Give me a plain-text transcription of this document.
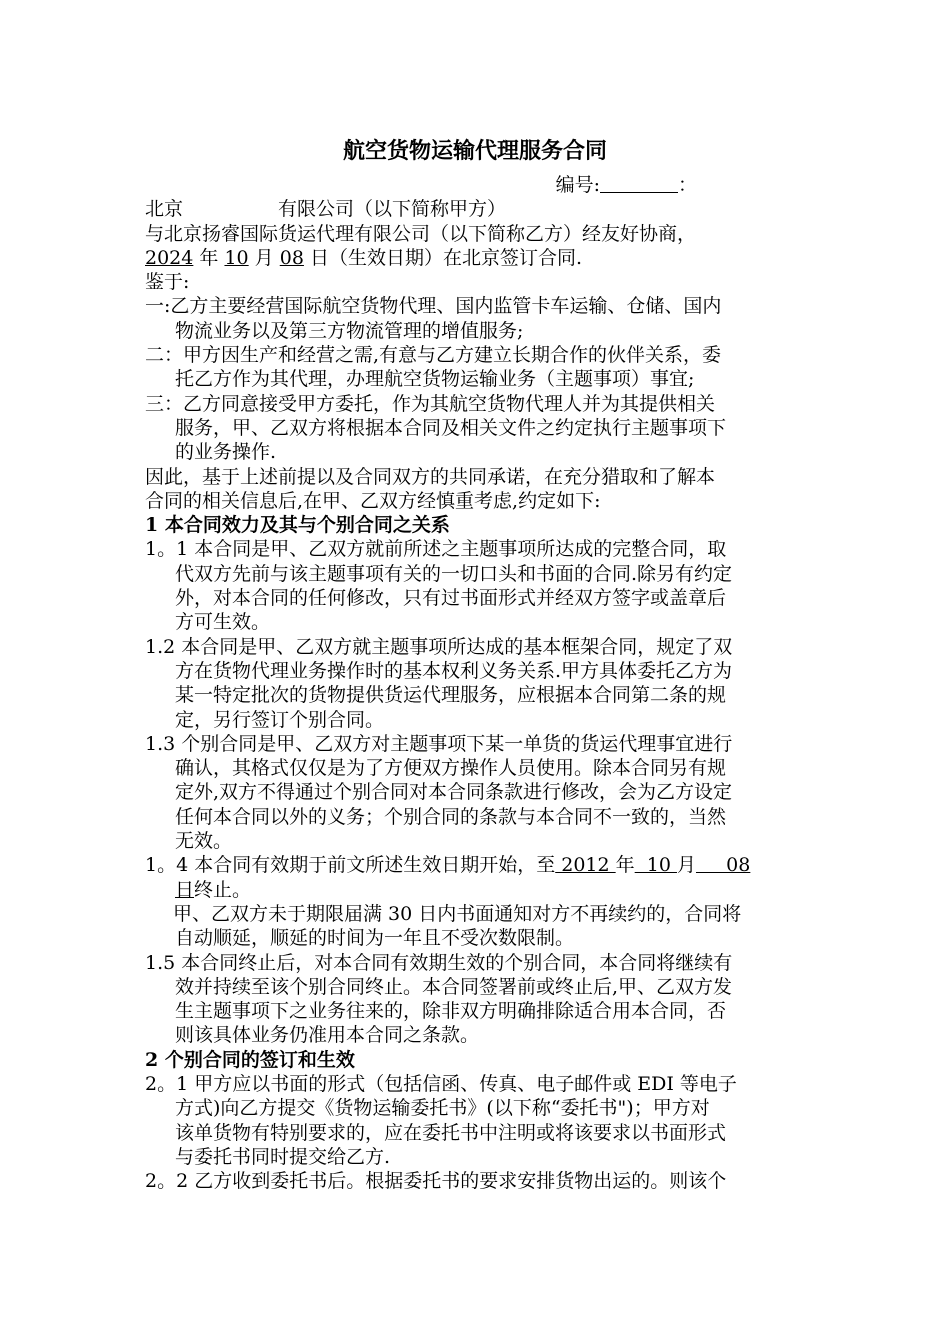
航空货物运输代理服务合同
编号:	：
北京	有限公司（以下简称甲方）
与北京扬睿国际货运代理有限公司（以下简称乙方）经友好协商，
2024 年 10 月 08 日（生效日期）在北京签订合同.
鉴于:
一:乙方主要经营国际航空货物代理、国内监管卡车运输、仓储、国内
物流业务以及第三方物流管理的增值服务;
二：甲方因生产和经营之需,有意与乙方建立长期合作的伙伴关系，委
托乙方作为其代理，办理航空货物运输业务（主题事项）事宜;
三：乙方同意接受甲方委托，作为其航空货物代理人并为其提供相关
服务，甲、乙双方将根据本合同及相关文件之约定执行主题事项下
的业务操作.
因此，基于上述前提以及合同双方的共同承诺，在充分猎取和了解本
合同的相关信息后,在甲、乙双方经慎重考虑,约定如下:
1 本合同效力及其与个别合同之关系
1。1 本合同是甲、乙双方就前所述之主题事项所达成的完整合同，取
代双方先前与该主题事项有关的一切口头和书面的合同.除另有约定
外，对本合同的任何修改，只有过书面形式并经双方签字或盖章后
方可生效。
1.2 本合同是甲、乙双方就主题事项所达成的基本框架合同，规定了双
方在货物代理业务操作时的基本权利义务关系.甲方具体委托乙方为
某一特定批次的货物提供货运代理服务，应根据本合同第二条的规
定，另行签订个别合同。
1.3 个别合同是甲、乙双方对主题事项下某一单货的货运代理事宜进行
确认，其格式仅仅是为了方便双方操作人员使用。除本合同另有规
定外,双方不得通过个别合同对本合同条款进行修改，会为乙方设定
任何本合同以外的义务；个别合同的条款与本合同不一致的，当然
无效。
1。4 本合同有效期于前文所述生效日期开始，至 2012 年  10 月     08
日终止。
甲、乙双方未于期限届满 30 日内书面通知对方不再续约的，合同将
自动顺延，顺延的时间为一年且不受次数限制。
1.5 本合同终止后，对本合同有效期生效的个别合同，本合同将继续有
效并持续至该个别合同终止。本合同签署前或终止后,甲、乙双方发
生主题事项下之业务往来的，除非双方明确排除适合用本合同，否
则该具体业务仍准用本合同之条款。
2 个别合同的签订和生效
2。1 甲方应以书面的形式（包括信函、传真、电子邮件或 EDI 等电子
方式)向乙方提交《货物运输委托书》(以下称“委托书")；甲方对
该单货物有特别要求的，应在委托书中注明或将该要求以书面形式
与委托书同时提交给乙方.
2。2 乙方收到委托书后。根据委托书的要求安排货物出运的。则该个
